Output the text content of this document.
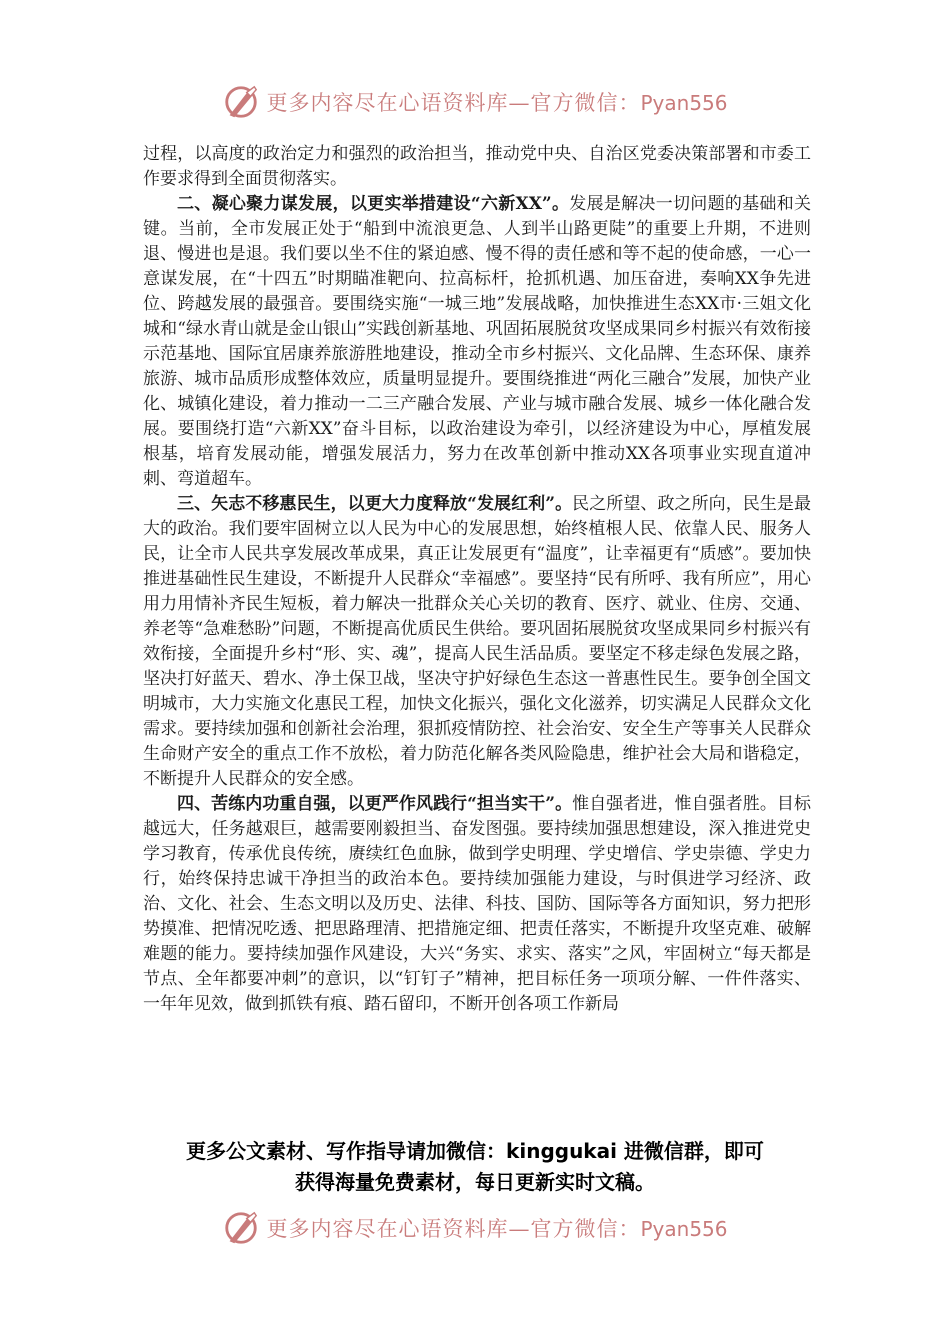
更多内容尽在心语资料库—官方微信：Pyan556

过程，以高度的政治定力和强烈的政治担当，推动党中央、自治区党委决策部署和市委工作要求得到全面贯彻落实。

二、凝心聚力谋发展，以更实举措建设“六新XX”。发展是解决一切问题的基础和关键。当前，全市发展正处于“船到中流浪更急、人到半山路更陡”的重要上升期，不进则退、慢进也是退。我们要以坐不住的紧迫感、慢不得的责任感和等不起的使命感，一心一意谋发展，在“十四五”时期瞄准靶向、拉高标杆，抢抓机遇、加压奋进，奏响XX争先进位、跨越发展的最强音。要围绕实施“一城三地”发展战略，加快推进生态XX市·三姐文化城和“绿水青山就是金山银山”实践创新基地、巩固拓展脱贫攻坚成果同乡村振兴有效衔接示范基地、国际宜居康养旅游胜地建设，推动全市乡村振兴、文化品牌、生态环保、康养旅游、城市品质形成整体效应，质量明显提升。要围绕推进“两化三融合”发展，加快产业化、城镇化建设，着力推动一二三产融合发展、产业与城市融合发展、城乡一体化融合发展。要围绕打造“六新XX”奋斗目标，以政治建设为牵引，以经济建设为中心，厚植发展根基，培育发展动能，增强发展活力，努力在改革创新中推动XX各项事业实现直道冲刺、弯道超车。

三、矢志不移惠民生，以更大力度释放“发展红利”。民之所望、政之所向，民生是最大的政治。我们要牢固树立以人民为中心的发展思想，始终植根人民、依靠人民、服务人民，让全市人民共享发展改革成果，真正让发展更有“温度”，让幸福更有“质感”。要加快推进基础性民生建设，不断提升人民群众“幸福感”。要坚持“民有所呼、我有所应”，用心用力用情补齐民生短板，着力解决一批群众关心关切的教育、医疗、就业、住房、交通、养老等“急难愁盼”问题，不断提高优质民生供给。要巩固拓展脱贫攻坚成果同乡村振兴有效衔接，全面提升乡村“形、实、魂”，提高人民生活品质。要坚定不移走绿色发展之路，坚决打好蓝天、碧水、净土保卫战，坚决守护好绿色生态这一普惠性民生。要争创全国文明城市，大力实施文化惠民工程，加快文化振兴，强化文化滋养，切实满足人民群众文化需求。要持续加强和创新社会治理，狠抓疫情防控、社会治安、安全生产等事关人民群众生命财产安全的重点工作不放松，着力防范化解各类风险隐患，维护社会大局和谐稳定，不断提升人民群众的安全感。

四、苦练内功重自强，以更严作风践行“担当实干”。惟自强者进，惟自强者胜。目标越远大，任务越艰巨，越需要刚毅担当、奋发图强。要持续加强思想建设，深入推进党史学习教育，传承优良传统，赓续红色血脉，做到学史明理、学史增信、学史崇德、学史力行，始终保持忠诚干净担当的政治本色。要持续加强能力建设，与时俱进学习经济、政治、文化、社会、生态文明以及历史、法律、科技、国防、国际等各方面知识，努力把形势摸准、把情况吃透、把思路理清、把措施定细、把责任落实，不断提升攻坚克难、破解难题的能力。要持续加强作风建设，大兴“务实、求实、落实”之风，牢固树立“每天都是节点、全年都要冲刺”的意识，以“钉钉子”精神，把目标任务一项项分解、一件件落实、一年年见效，做到抓铁有痕、踏石留印，不断开创各项工作新局

更多公文素材、写作指导请加微信：kinggukai 进微信群，即可
获得海量免费素材，每日更新实时文稿。
更多内容尽在心语资料库—官方微信：Pyan556
